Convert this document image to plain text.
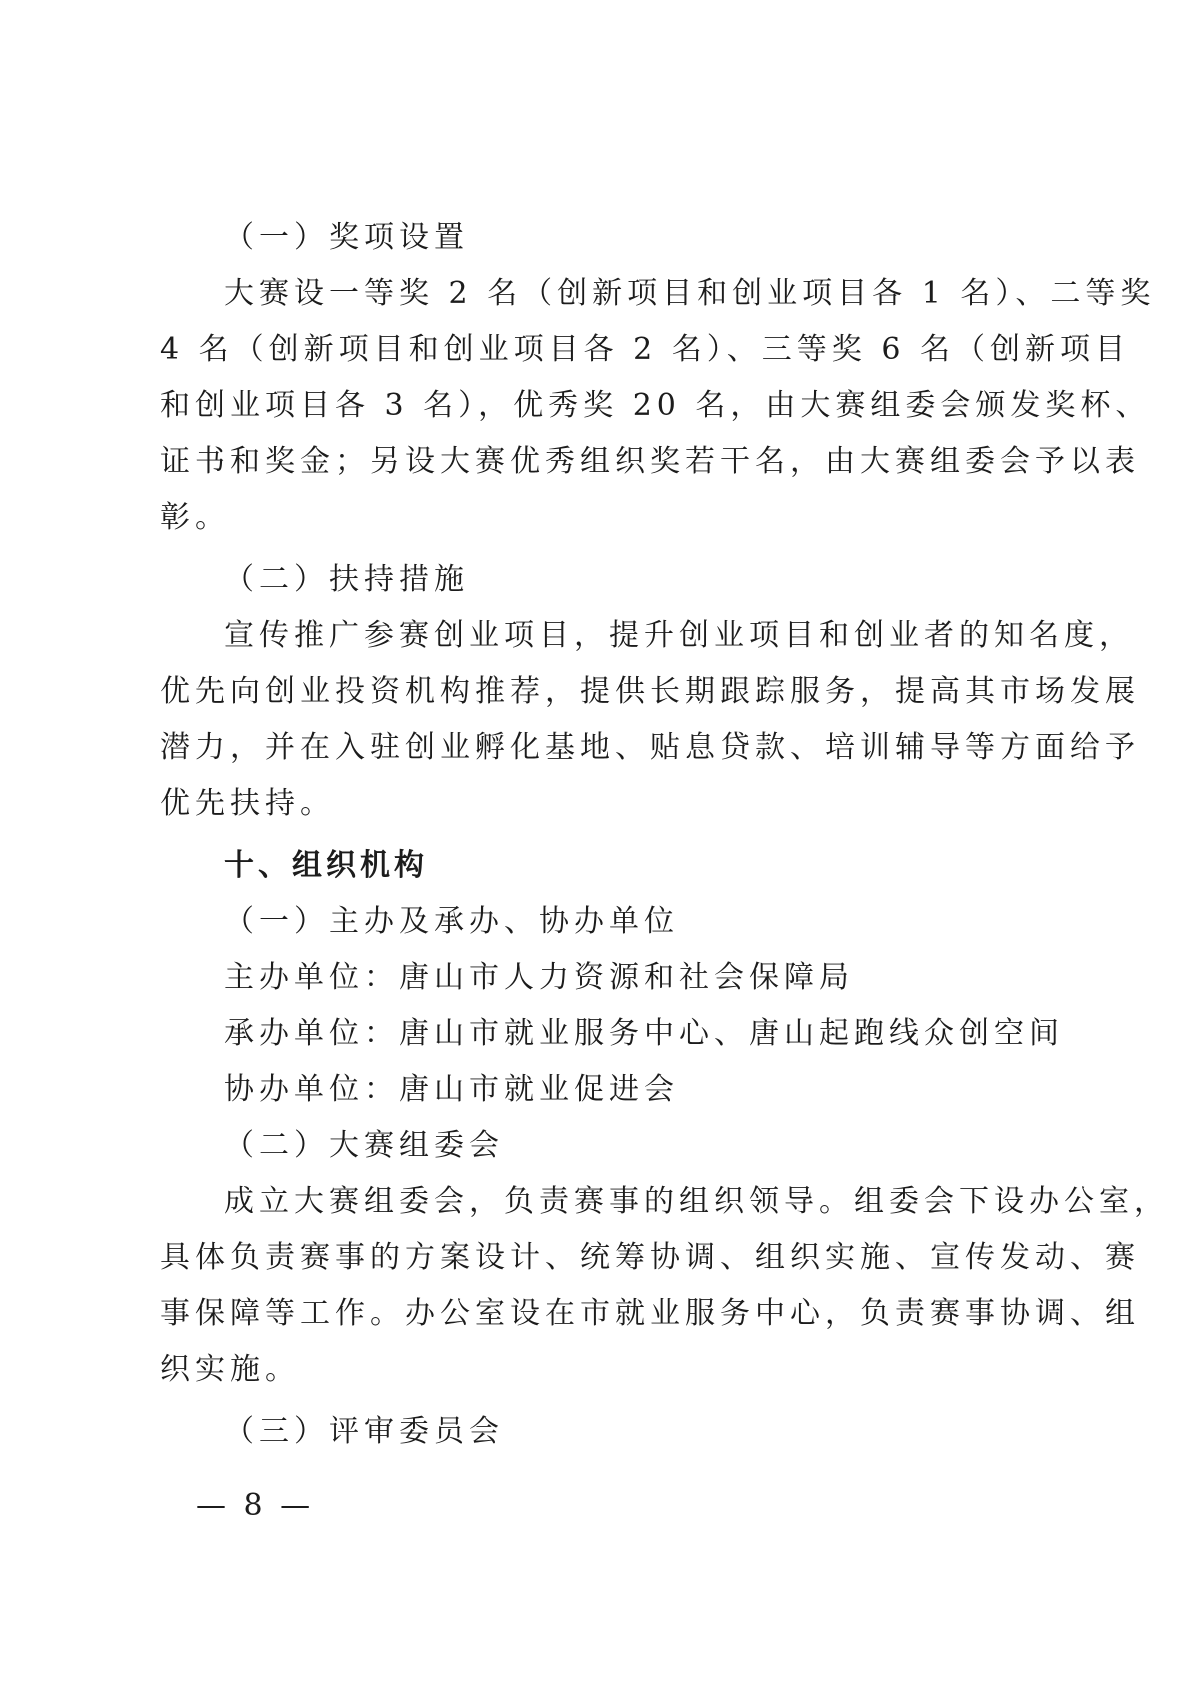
（一）奖项设置
大赛设一等奖 2 名（创新项目和创业项目各 1 名）、二等奖
4 名（创新项目和创业项目各 2 名）、三等奖 6 名（创新项目
和创业项目各 3 名），优秀奖 20 名，由大赛组委会颁发奖杯、
证书和奖金；另设大赛优秀组织奖若干名，由大赛组委会予以表
彰。
（二）扶持措施
宣传推广参赛创业项目，提升创业项目和创业者的知名度，
优先向创业投资机构推荐，提供长期跟踪服务，提高其市场发展
潜力，并在入驻创业孵化基地、贴息贷款、培训辅导等方面给予
优先扶持。
十、组织机构
（一）主办及承办、协办单位
主办单位：唐山市人力资源和社会保障局
承办单位：唐山市就业服务中心、唐山起跑线众创空间
协办单位：唐山市就业促进会
（二）大赛组委会
成立大赛组委会，负责赛事的组织领导。组委会下设办公室，
具体负责赛事的方案设计、统筹协调、组织实施、宣传发动、赛
事保障等工作。办公室设在市就业服务中心，负责赛事协调、组
织实施。
（三）评审委员会
— 8 —
